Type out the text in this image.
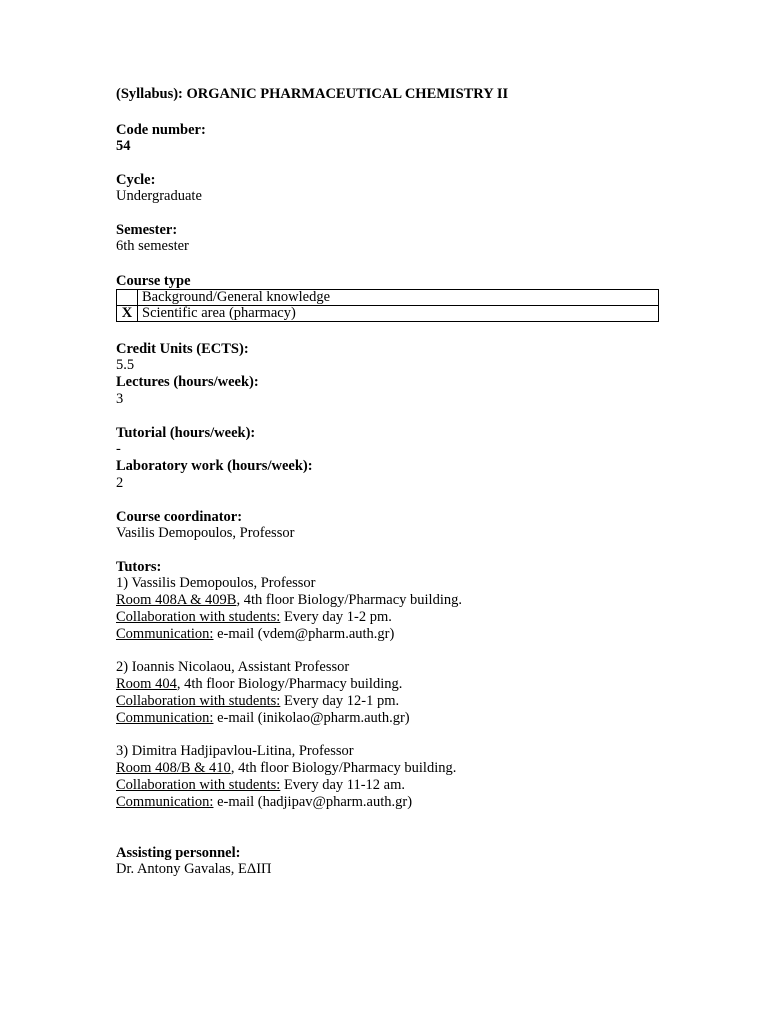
(Syllabus): ORGANIC PHARMACEUTICAL CHEMISTRY II
Code number:
54
Cycle:
Undergraduate
Semester:
6th semester
Course type
	Background/General knowledge
X	Scientific area (pharmacy)
Credit Units (ECTS):
5.5
Lectures (hours/week):
3
Tutorial (hours/week):
-
Laboratory work (hours/week):
2
Course coordinator:
Vasilis Demopoulos, Professor
Tutors:
1) Vassilis Demopoulos, Professor
Room 408A & 409B, 4th floor Biology/Pharmacy building.
Collaboration with students: Every day 1-2 pm.
Communication: e-mail (vdem@pharm.auth.gr)
2) Ioannis Nicolaou, Assistant Professor
Room 404, 4th floor Biology/Pharmacy building.
Collaboration with students: Every day 12-1 pm.
Communication: e-mail (inikolao@pharm.auth.gr)
3) Dimitra Hadjipavlou-Litina, Professor
Room 408/B & 410, 4th floor Biology/Pharmacy building.
Collaboration with students: Every day 11-12 am.
Communication: e-mail (hadjipav@pharm.auth.gr)
Assisting personnel:
Dr. Antony Gavalas, ΕΔΙΠ
